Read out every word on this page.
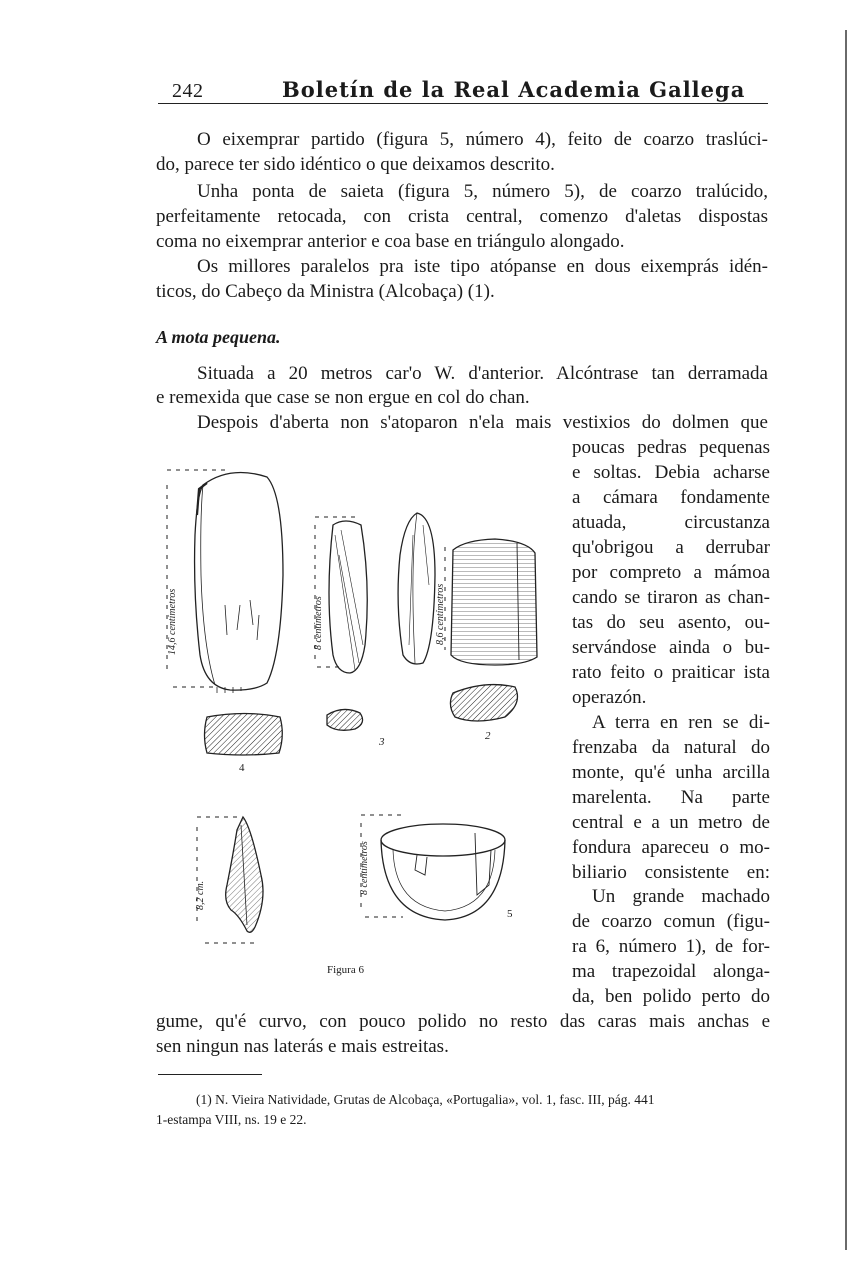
242	Boletín de la Real Academia Gallega
O eixemprar partido (figura 5, número 4), feito de coarzo traslúci-
do, parece ter sido idéntico o que deixamos descrito.
Unha ponta de saieta (figura 5, número 5), de coarzo tralúcido,
perfeitamente retocada, con crista central, comenzo d'aletas dispostas
coma no eixemprar anterior e coa base en triángulo alongado.
Os millores paralelos pra iste tipo atópanse en dous eixemprás idén-
ticos, do Cabeço da Ministra (Alcobaça) (1).
A mota pequena.
Situada a 20 metros car'o W. d'anterior. Alcóntrase tan derramada
e remexida que case se non ergue en col do chan.
Despois d'aberta non s'atoparon n'ela mais vestixios do dolmen que
poucas pedras pequenas
e soltas. Debia acharse
a cámara fondamente
atuada, circustanza
qu'obrigou a derrubar
por compreto a mámoa
cando se tiraron as chan-
tas do seu asento, ou-
servándose ainda o bu-
rato feito o praiticar ista
operazón.
A terra en ren se di-
frenzaba da natural do
monte, qu'é unha arcilla
marelenta. Na parte
central e a un metro de
fondura apareceu o mo-
biliario consistente en:
Un grande machado
de coarzo comun (figu-
ra 6, número 1), de for-
ma trapezoidal alonga-
da, ben polido perto do
gume, qu'é curvo, con pouco polido no resto das caras mais anchas e
sen ningun nas laterás e mais estreitas.
14,6 centímetros	8 centímetros	8,6 centímetros
8 centímetros
8,2 cm.
4
3	2
5
Figura 6
(1) N. Vieira Natividade, Grutas de Alcobaça, «Portugalia», vol. 1, fasc. III, pág. 441
1-estampa VIII, ns. 19 e 22.
